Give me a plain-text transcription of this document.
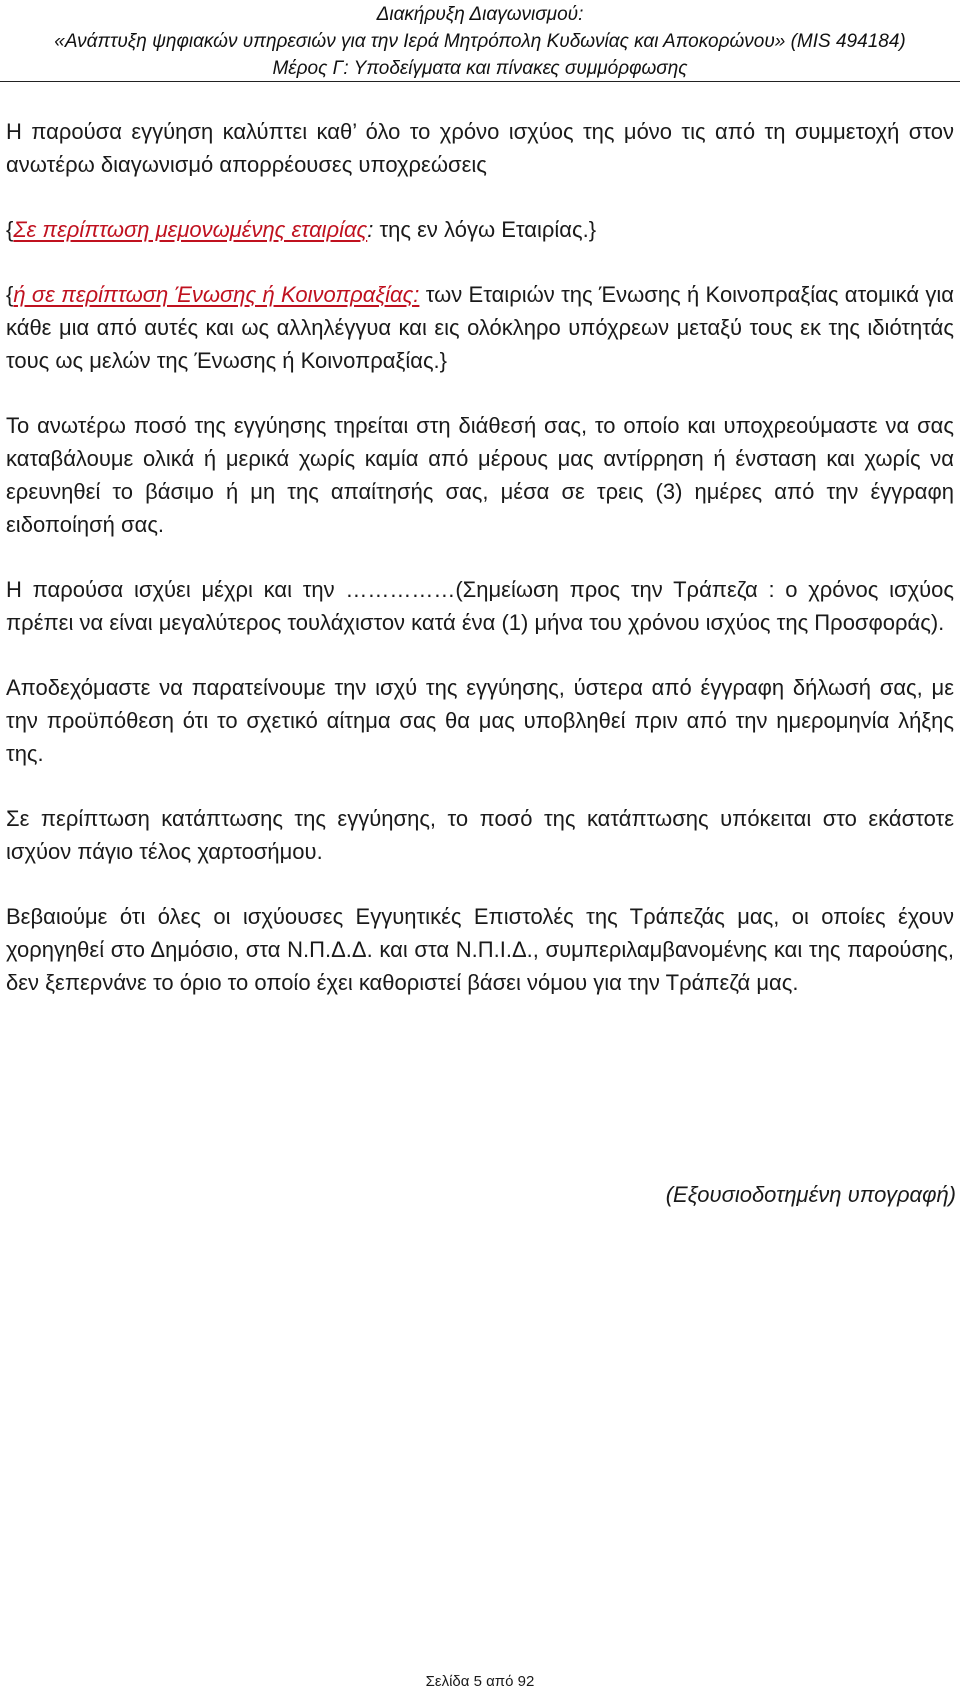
Διακήρυξη Διαγωνισμού:
«Ανάπτυξη ψηφιακών υπηρεσιών για την Ιερά Μητρόπολη Κυδωνίας και Αποκορώνου» (MIS 494184)
Μέρος Γ: Υποδείγματα και πίνακες συμμόρφωσης

Η παρούσα εγγύηση καλύπτει καθ’ όλο το χρόνο ισχύος της μόνο τις από τη συμμετοχή στον ανωτέρω διαγωνισμό απορρέουσες υποχρεώσεις

{Σε περίπτωση μεμονωμένης εταιρίας: της εν λόγω Εταιρίας.}

{ή σε περίπτωση Ένωσης ή Κοινοπραξίας: των Εταιριών της Ένωσης ή Κοινοπραξίας ατομικά για κάθε μια από αυτές και ως αλληλέγγυα και εις ολόκληρο υπόχρεων μεταξύ τους εκ της ιδιότητάς τους ως μελών της Ένωσης ή Κοινοπραξίας.}

Το ανωτέρω ποσό της εγγύησης τηρείται στη διάθεσή σας, το οποίο και υποχρεούμαστε να σας καταβάλουμε ολικά ή μερικά χωρίς καμία από μέρους μας αντίρρηση ή ένσταση και χωρίς να ερευνηθεί το βάσιμο ή μη της απαίτησής σας, μέσα σε τρεις (3) ημέρες από την έγγραφη ειδοποίησή σας.

Η παρούσα ισχύει μέχρι και την ……………(Σημείωση προς την Τράπεζα : ο χρόνος ισχύος πρέπει να είναι μεγαλύτερος τουλάχιστον κατά ένα (1) μήνα του χρόνου ισχύος της Προσφοράς).

Αποδεχόμαστε να παρατείνουμε την ισχύ της εγγύησης, ύστερα από έγγραφη δήλωσή σας, με την προϋπόθεση ότι το σχετικό αίτημα σας θα μας υποβληθεί πριν από την ημερομηνία λήξης της.

Σε περίπτωση κατάπτωσης της εγγύησης, το ποσό της κατάπτωσης υπόκειται στο εκάστοτε ισχύον πάγιο τέλος χαρτοσήμου.

Βεβαιούμε ότι όλες οι ισχύουσες Εγγυητικές Επιστολές της Τράπεζάς μας, οι οποίες έχουν χορηγηθεί στο Δημόσιο, στα Ν.Π.Δ.Δ. και στα Ν.Π.Ι.Δ., συμπεριλαμβανομένης και της παρούσης, δεν ξεπερνάνε το όριο το οποίο έχει καθοριστεί βάσει νόμου για την Τράπεζά μας.

(Εξουσιοδοτημένη υπογραφή)
Σελίδα 5 από 92
